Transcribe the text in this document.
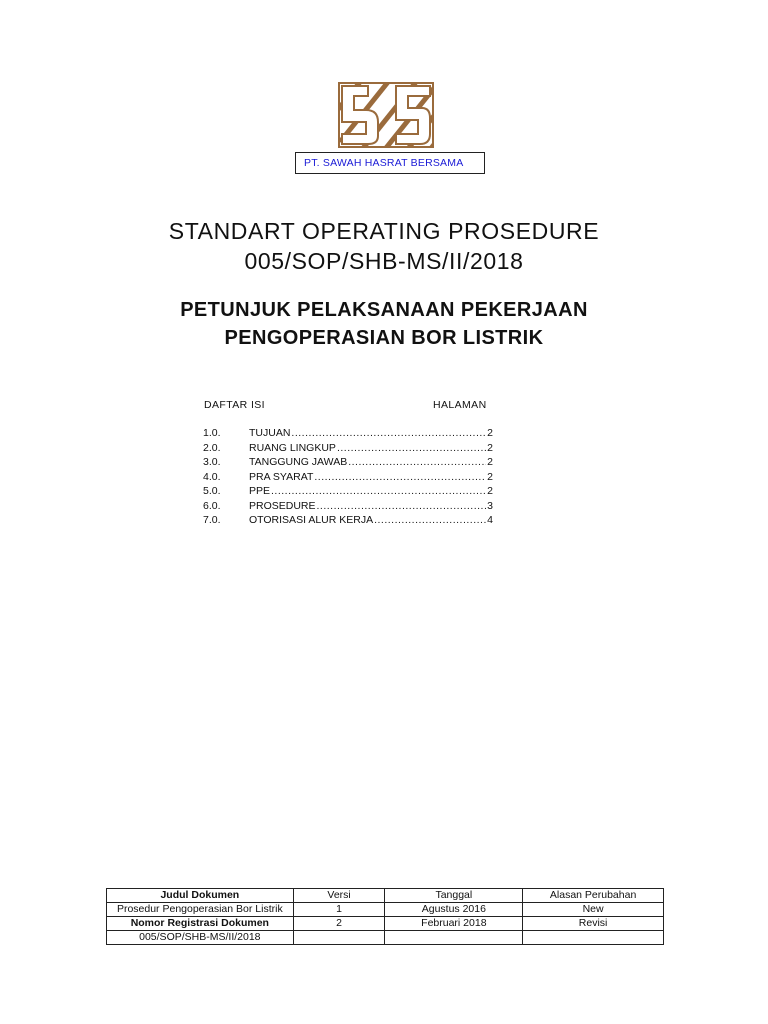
PT. SAWAH HASRAT BERSAMA
STANDART OPERATING PROSEDURE
005/SOP/SHB-MS/II/2018
PETUNJUK PELAKSANAAN PEKERJAAN
PENGOPERASIAN BOR LISTRIK
DAFTAR ISI	HALAMAN
1.0.	TUJUAN .....	2
2.0.	RUANG LINGKUP .....	2
3.0.	TANGGUNG JAWAB .....	2
4.0.	PRA SYARAT .....	2
5.0.	PPE .....	2
6.0.	PROSEDURE .....	3
7.0.	OTORISASI ALUR KERJA .....	4
Judul Dokumen	Versi	Tanggal	Alasan Perubahan
Prosedur Pengoperasian Bor Listrik	1	Agustus 2016	New
Nomor Registrasi Dokumen	2	Februari 2018	Revisi
005/SOP/SHB-MS/II/2018			
